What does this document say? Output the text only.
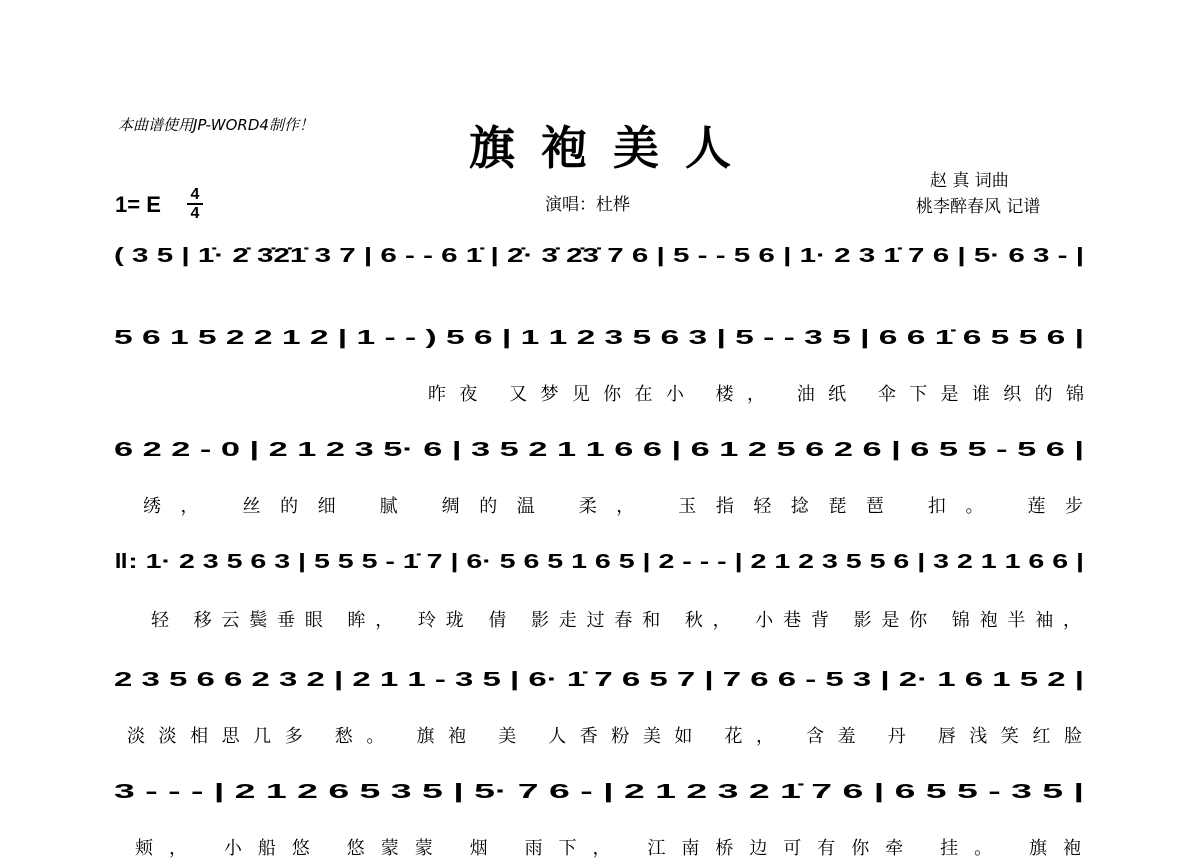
本曲谱使用JP-WORD4制作！	旗袍美人
1= E	4
4	演唱：杜桦
赵 真 词曲
桃李醉春风 记谱
( 3 5 | 1̇· 2̇ 3̇2̇1̇ 3 7 | 6 - - 6 1̇ | 2̇· 3̇ 2̇3̇ 7 6 | 5 - - 5 6 | 1· 2 3 1̇ 7 6 | 5· 6 3 - |
5 6 1 5 2 2 1 2 | 1 - - ) 5 6 | 1 1 2 3 5 6 3 | 5 - - 3 5 | 6 6 1̇ 6 5 5 6 |

昨夜 又梦见你在小 楼， 油纸 伞下是谁织的锦

6 2 2 - 0 | 2 1 2 3 5· 6 | 3 5 2 1 1 6 6 | 6 1 2 5 6 2 6 | 6 5 5 - 5 6 |

绣， 丝的细 腻 绸的温 柔， 玉指轻捻琵琶 扣。 莲步

‖: 1· 2 3 5 6 3 | 5 5 5 - 1̇ 7 | 6· 5 6 5 1 6 5 | 2 - - - | 2 1 2 3 5 5 6 | 3 2 1 1 6 6 |

轻 移云鬓垂眼 眸， 玲珑 倩 影走过春和 秋， 小巷背 影是你 锦袍半袖，

2 3 5 6 6 2 3 2 | 2 1 1 - 3 5 | 6· 1̇ 7 6 5 7 | 7 6 6 - 5 3 | 2· 1 6 1 5 2 |

淡淡相思几多 愁。 旗袍 美 人香粉美如 花， 含羞 丹 唇浅笑红脸

3 - - - | 2 1 2 6 5 3 5 | 5· 7 6 - | 2 1 2 3 2 1̇ 7 6 | 6 5 5 - 3 5 |

颊， 小船悠 悠蒙蒙 烟 雨下， 江南桥边可有你牵 挂。 旗袍
